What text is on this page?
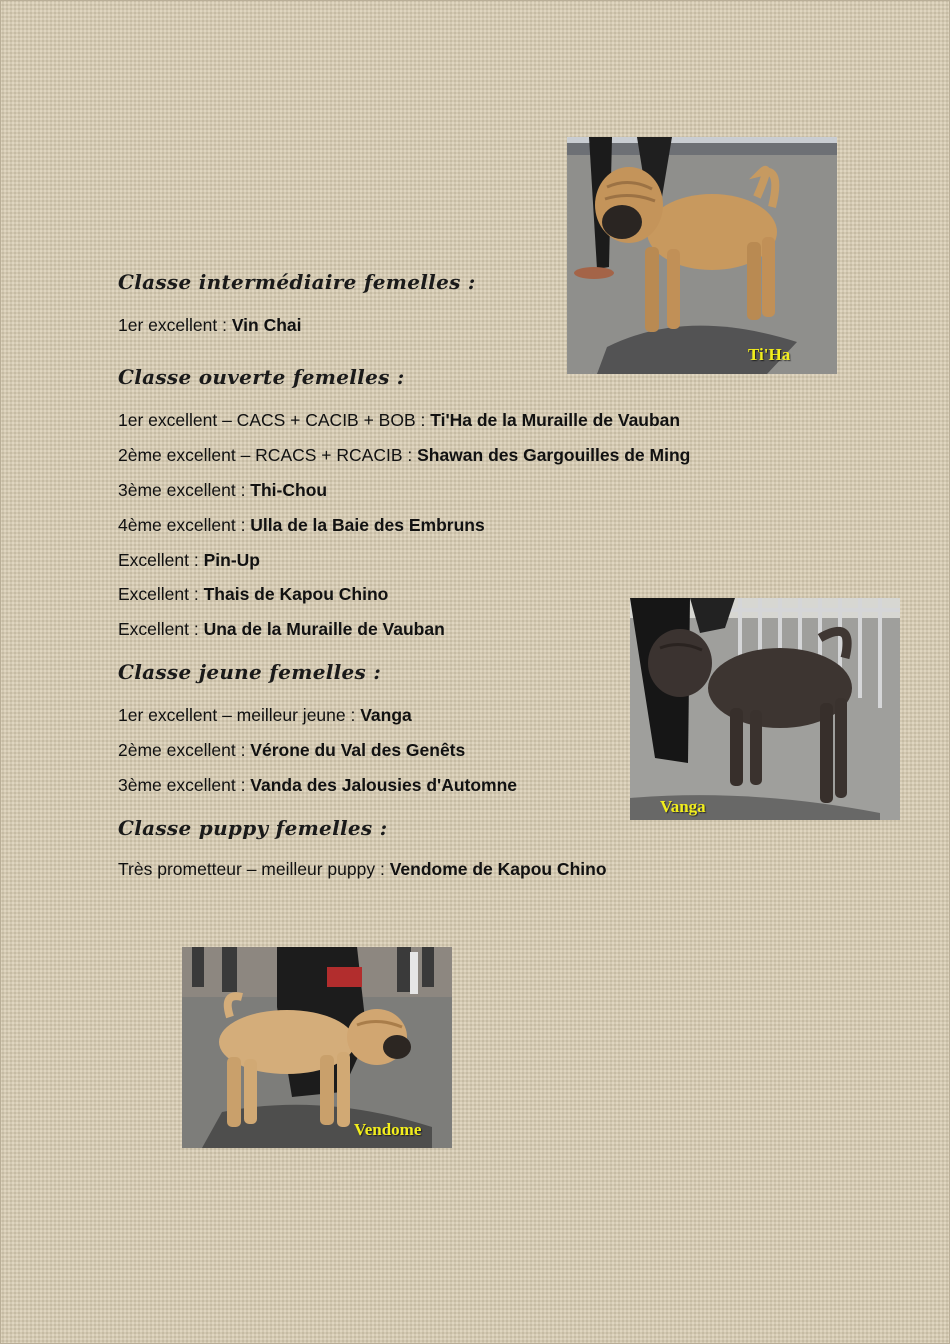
Classe intermédiaire femelles :
1er excellent : Vin Chai
Classe ouverte femelles :
1er excellent – CACS + CACIB + BOB : Ti'Ha de la Muraille de Vauban
2ème excellent – RCACS + RCACIB : Shawan des Gargouilles de Ming
3ème excellent : Thi-Chou
4ème excellent : Ulla de la Baie des Embruns
Excellent : Pin-Up
Excellent : Thais de Kapou Chino
Excellent : Una de la Muraille de Vauban
Classe jeune femelles :
1er excellent – meilleur jeune : Vanga
2ème excellent : Vérone du Val des Genêts
3ème excellent : Vanda des Jalousies d'Automne
Classe puppy femelles :
Très prometteur – meilleur puppy : Vendome de Kapou Chino
Ti'Ha
Vanga
Vendome
